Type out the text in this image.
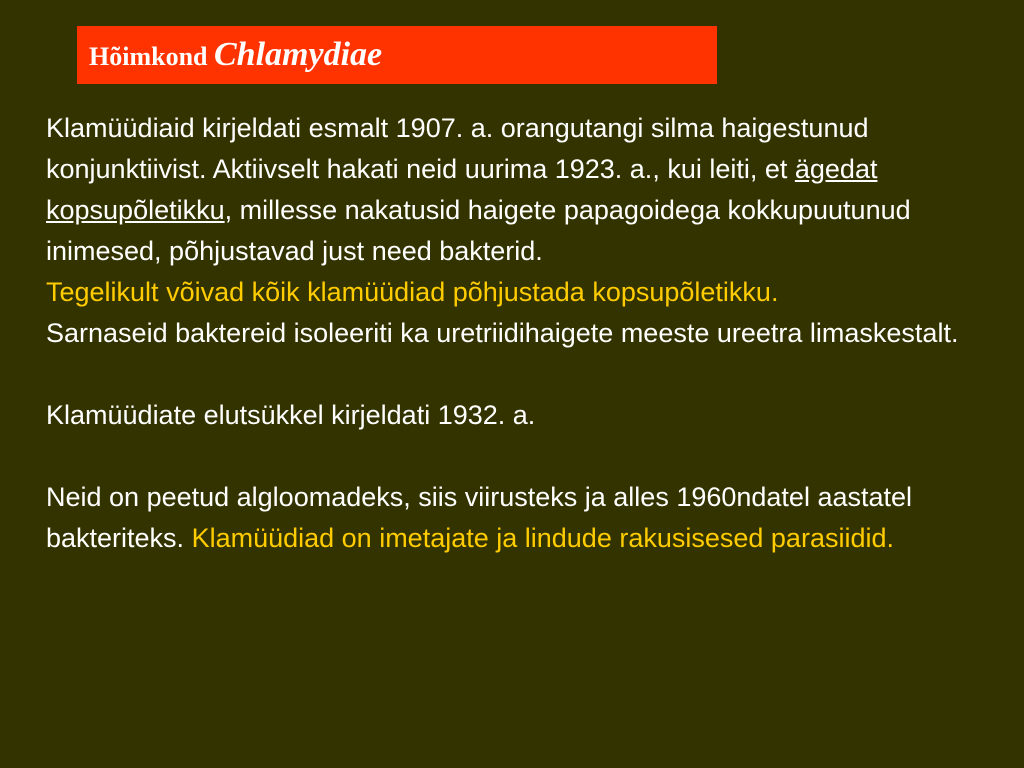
Hõimkond Chlamydiae

Klamüüdiaid kirjeldati esmalt 1907. a. orangutangi silma haigestunud konjunktiivist. Aktiivselt hakati neid uurima 1923. a., kui leiti, et ägedat kopsupõletikku, millesse nakatusid haigete papagoidega kokkupuutunud inimesed, põhjustavad just need bakterid.

Tegelikult võivad kõik klamüüdiad põhjustada kopsupõletikku.

Sarnaseid baktereid isoleeriti ka uretriidihaigete meeste ureetra limaskestalt.

Klamüüdiate elutsükkel kirjeldati 1932. a.

Neid on peetud algloomadeks, siis viirusteks ja alles 1960ndatel aastatel bakteriteks. Klamüüdiad on imetajate ja lindude rakusisesed parasiidid.
